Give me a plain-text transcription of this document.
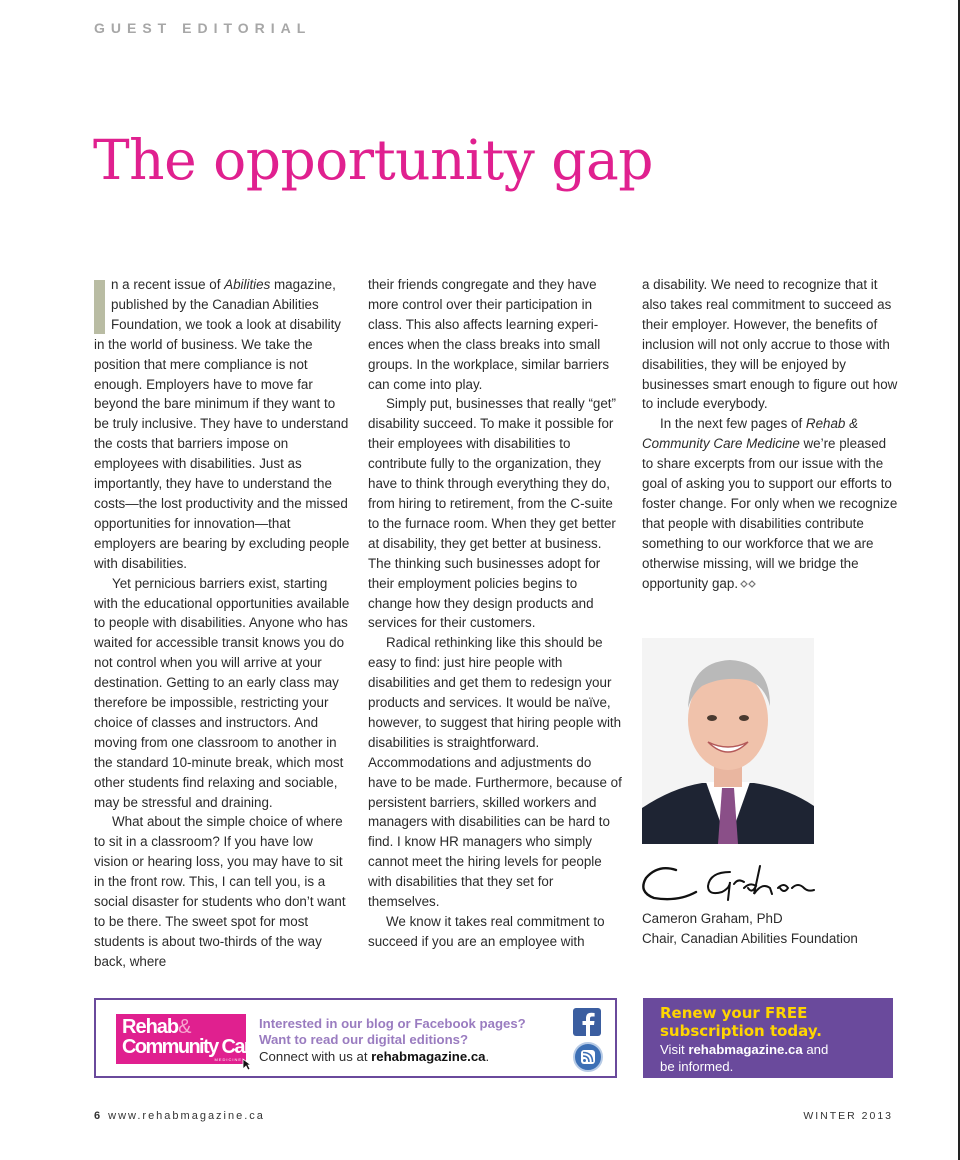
GUEST EDITORIAL
The opportunity gap

n a recent issue of Abilities magazine, published by the Canadian Abilities Foundation, we took a look at disability in the world of business. We take the position that mere compliance is not enough. Employers have to move far beyond the bare minimum if they want to be truly inclusive. They have to understand the costs that barriers impose on employees with disabilities. Just as importantly, they have to understand the costs—the lost productivity and the missed opportunities for innovation—that employers are bearing by excluding people with disabilities.

Yet pernicious barriers exist, starting with the educational opportunities available to people with disabilities. Anyone who has waited for accessible transit knows you do not control when you will arrive at your destination. Getting to an early class may therefore be impossible, restricting your choice of classes and instructors. And moving from one classroom to another in the standard 10-minute break, which most other students find relaxing and sociable, may be stressful and draining.

What about the simple choice of where to sit in a classroom? If you have low vision or hearing loss, you may have to sit in the front row. This, I can tell you, is a social disaster for students who don’t want to be there. The sweet spot for most students is about two-thirds of the way back, where

their friends congregate and they have more control over their participation in class. This also affects learning experi-ences when the class breaks into small groups. In the workplace, similar barriers can come into play.

Simply put, businesses that really “get” disability succeed. To make it possible for their employees with disabilities to contribute fully to the organization, they have to think through everything they do, from hiring to retirement, from the C-suite to the furnace room. When they get better at disability, they get better at business. The thinking such businesses adopt for their employment policies begins to change how they design products and services for their customers.

Radical rethinking like this should be easy to find: just hire people with disabilities and get them to redesign your products and services. It would be naïve, however, to suggest that hiring people with disabilities is straightforward. Accommodations and adjustments do have to be made. Furthermore, because of persistent barriers, skilled workers and managers with disabilities can be hard to find. I know HR managers who simply cannot meet the hiring levels for people with disabilities that they set for themselves.

We know it takes real commitment to succeed if you are an employee with

a disability. We need to recognize that it also takes real commitment to succeed as their employer. However, the benefits of inclusion will not only accrue to those with disabilities, they will be enjoyed by businesses smart enough to figure out how to include everybody.

In the next few pages of Rehab & Community Care Medicine we’re pleased to share excerpts from our issue with the goal of asking you to support our efforts to foster change. For only when we recognize that people with disabilities contribute something to our workforce that we are otherwise missing, will we bridge the opportunity gap.

Cameron Graham, PhD
Chair, Canadian Abilities Foundation
Rehab&
Community Care
MEDICINE
Interested in our blog or Facebook pages?
Want to read our digital editions?
Connect with us at rehabmagazine.ca.
Renew your FREE
subscription today.
Visit rehabmagazine.ca and
be informed.
6 www.rehabmagazine.ca	WINTER 2013
